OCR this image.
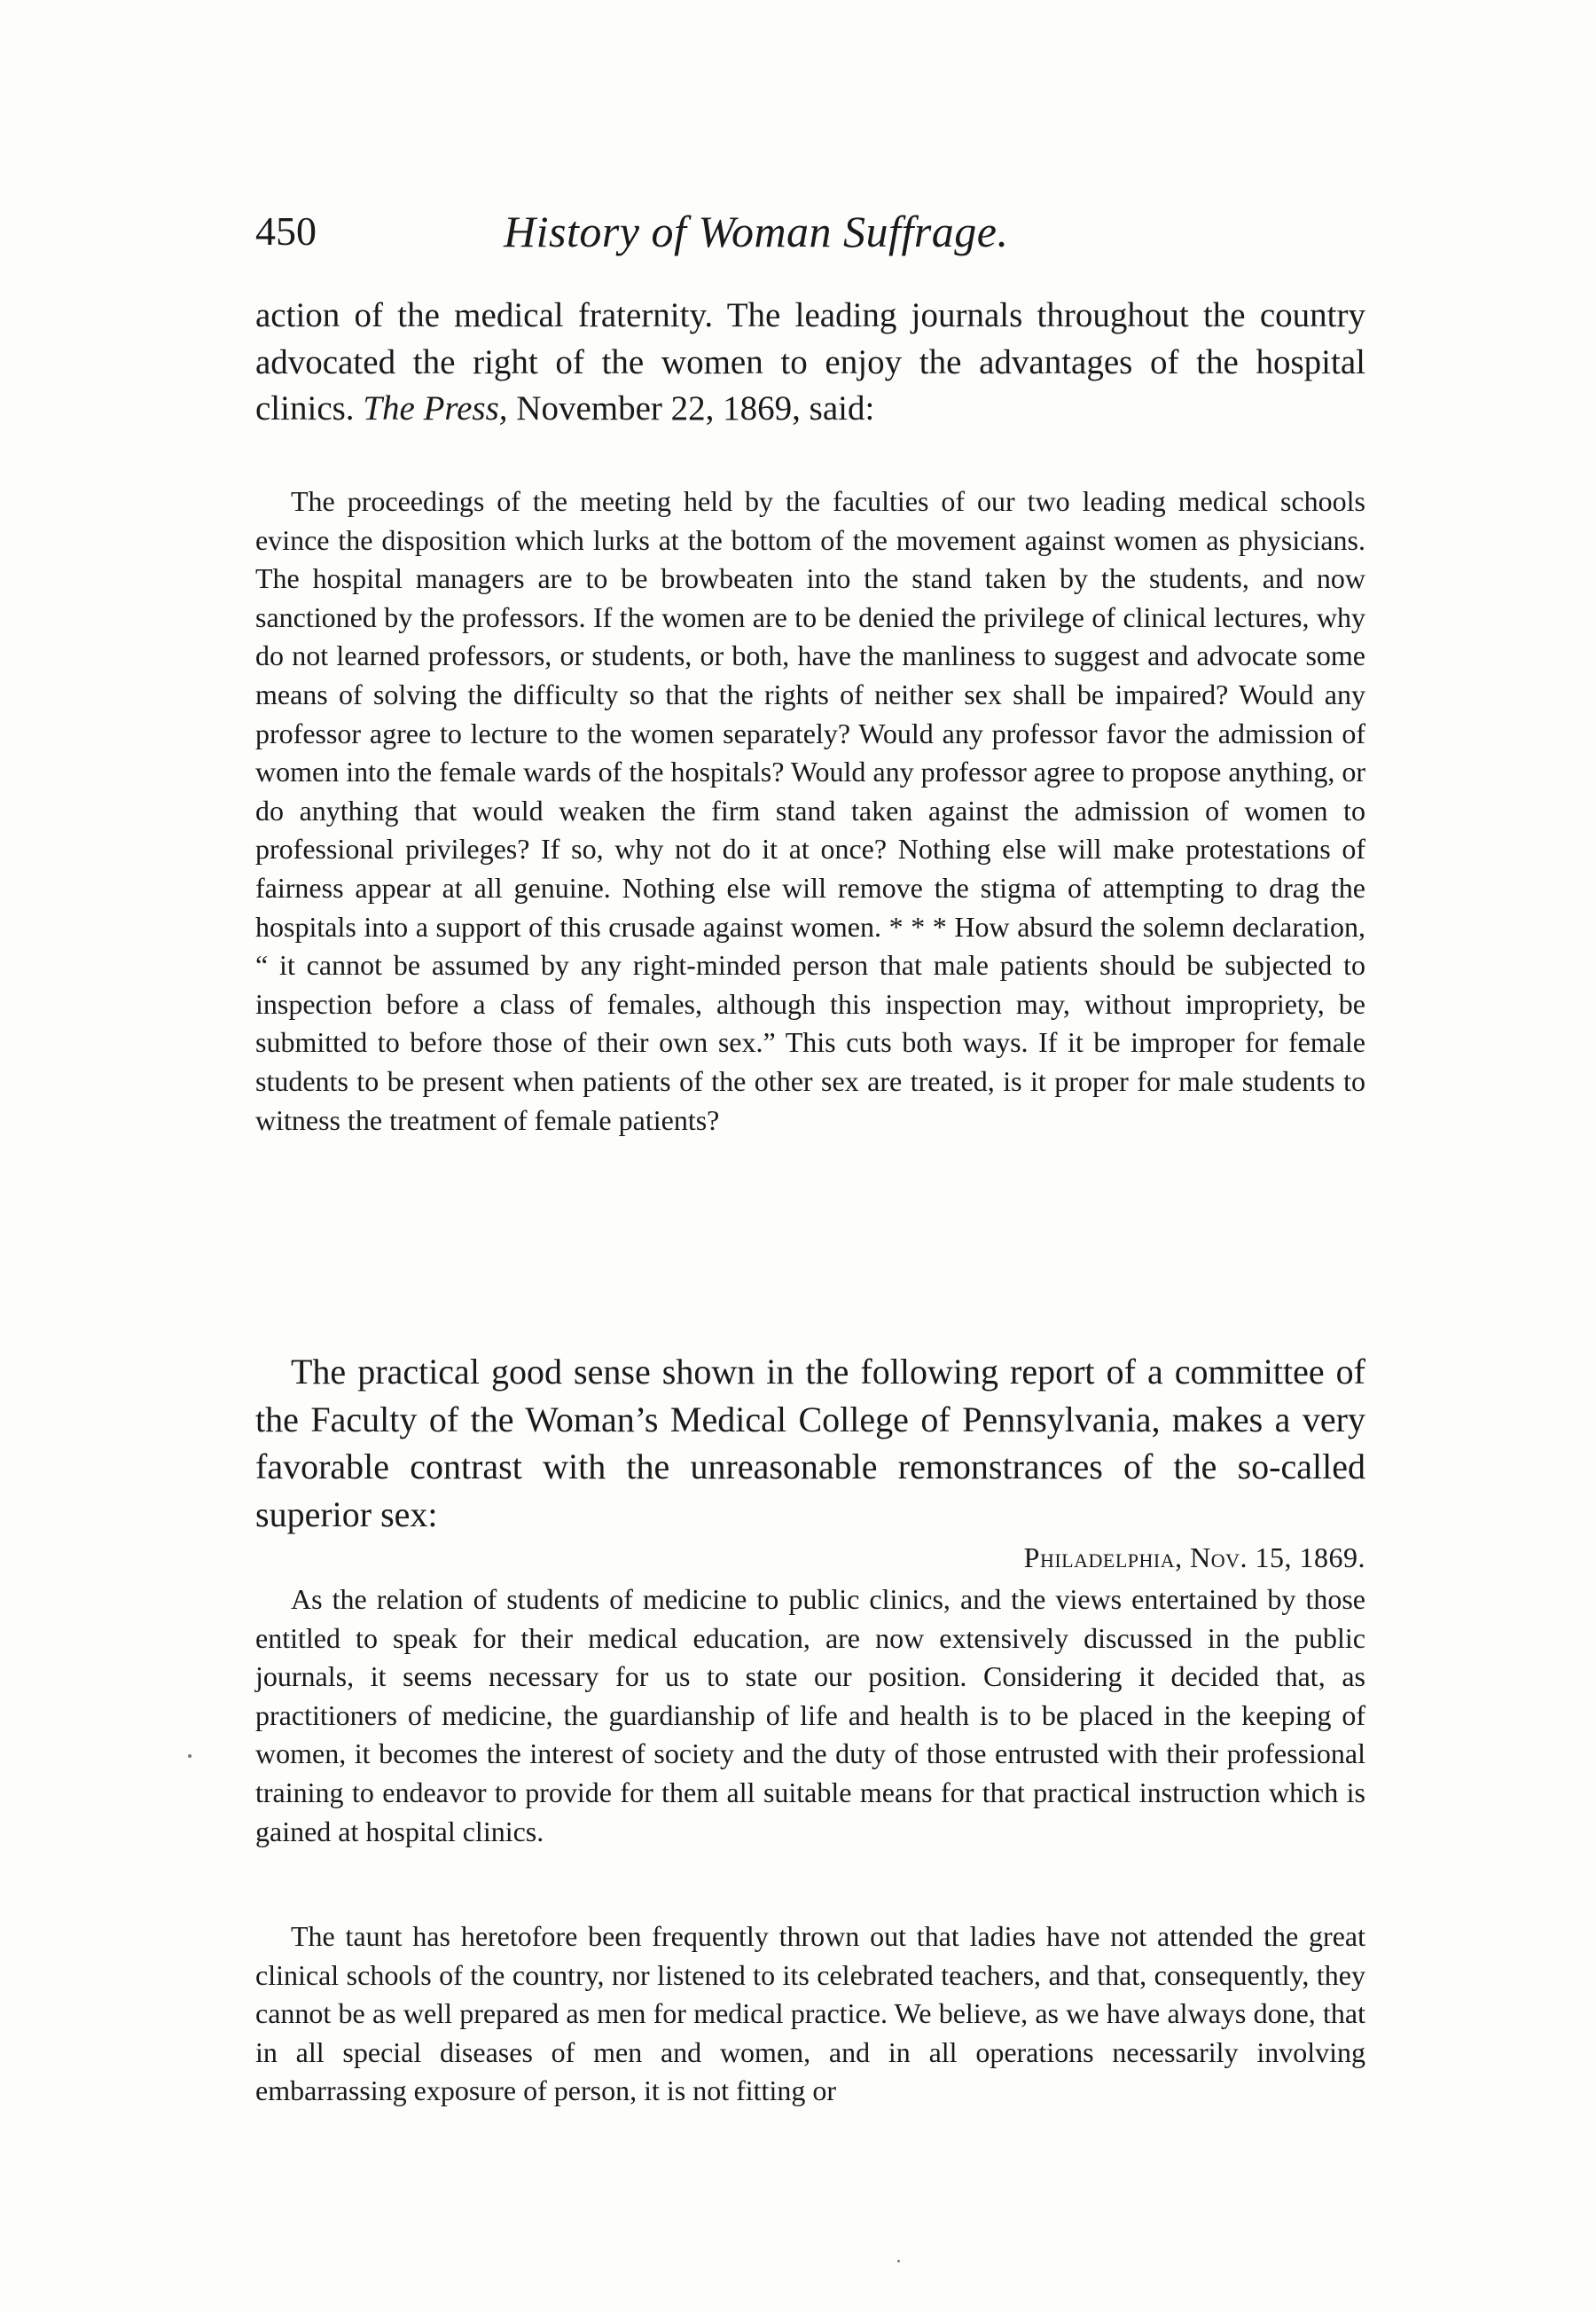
450	History of Woman Suffrage.

action of the medical fraternity. The leading journals throughout the country advocated the right of the women to enjoy the advantages of the hospital clinics. The Press, November 22, 1869, said:

The proceedings of the meeting held by the faculties of our two leading medical schools evince the disposition which lurks at the bottom of the movement against women as physicians. The hospital managers are to be browbeaten into the stand taken by the students, and now sanctioned by the professors. If the women are to be denied the privilege of clinical lectures, why do not learned professors, or students, or both, have the manliness to suggest and advocate some means of solving the difficulty so that the rights of neither sex shall be impaired? Would any professor agree to lecture to the women separately? Would any professor favor the admission of women into the female wards of the hospitals? Would any professor agree to propose anything, or do anything that would weaken the firm stand taken against the admission of women to professional privileges? If so, why not do it at once? Nothing else will make protestations of fairness appear at all genuine. Nothing else will remove the stigma of attempting to drag the hospitals into a support of this crusade against women. * * * How absurd the solemn declaration, “ it cannot be assumed by any right-minded person that male patients should be subjected to inspection before a class of females, although this inspection may, without impropriety, be submitted to before those of their own sex.” This cuts both ways. If it be improper for female students to be present when patients of the other sex are treated, is it proper for male students to witness the treatment of female patients?

The practical good sense shown in the following report of a committee of the Faculty of the Woman’s Medical College of Pennsylvania, makes a very favorable contrast with the unreasonable remonstrances of the so-called superior sex:

Philadelphia, Nov. 15, 1869.

As the relation of students of medicine to public clinics, and the views entertained by those entitled to speak for their medical education, are now extensively discussed in the public journals, it seems necessary for us to state our position. Considering it decided that, as practitioners of medicine, the guardianship of life and health is to be placed in the keeping of women, it becomes the interest of society and the duty of those entrusted with their professional training to endeavor to provide for them all suitable means for that practical instruction which is gained at hospital clinics.

The taunt has heretofore been frequently thrown out that ladies have not attended the great clinical schools of the country, nor listened to its celebrated teachers, and that, consequently, they cannot be as well prepared as men for medical practice. We believe, as we have always done, that in all special diseases of men and women, and in all operations necessarily involving embarrassing exposure of person, it is not fitting or
